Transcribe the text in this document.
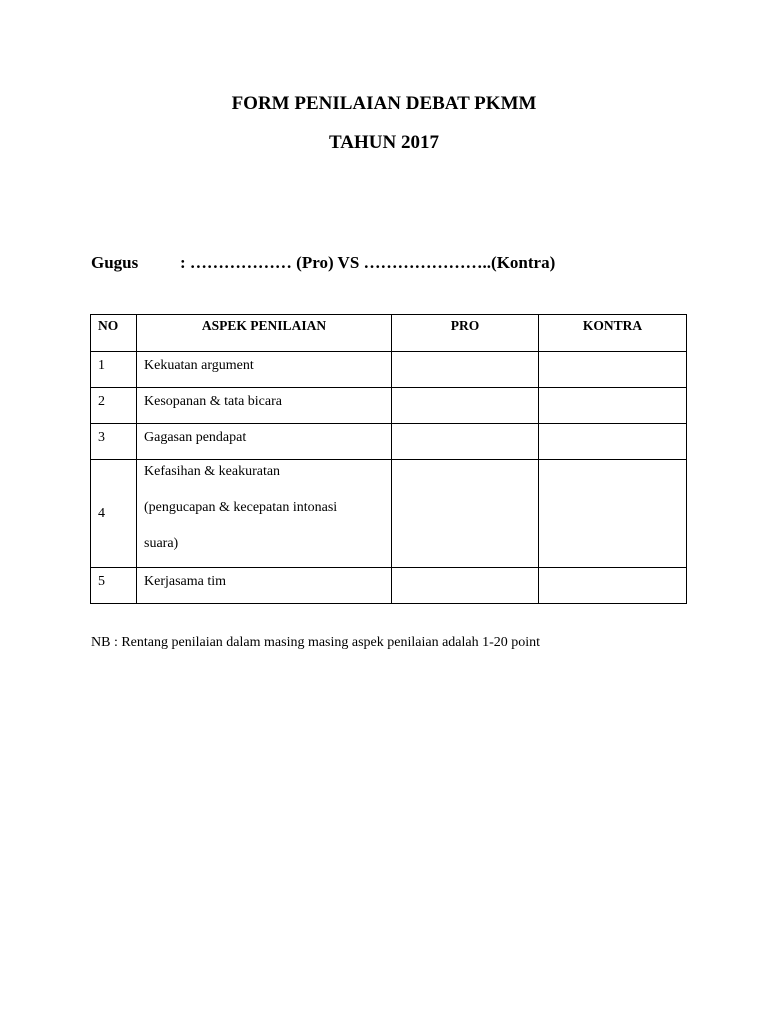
FORM PENILAIAN DEBAT PKMM
TAHUN 2017
Gugus : ……………… (Pro) VS …………………..(Kontra)
NO	ASPEK PENILAIAN	PRO	KONTRA

1	Kekuatan argument		
2	Kesopanan & tata bicara		
3	Gagasan pendapat		
4	Kefasihan & keakuratan

(pengucapan & kecepatan intonasi

suara)		

5	Kerjasama tim		
NB : Rentang penilaian dalam masing masing aspek penilaian adalah 1-20 point
